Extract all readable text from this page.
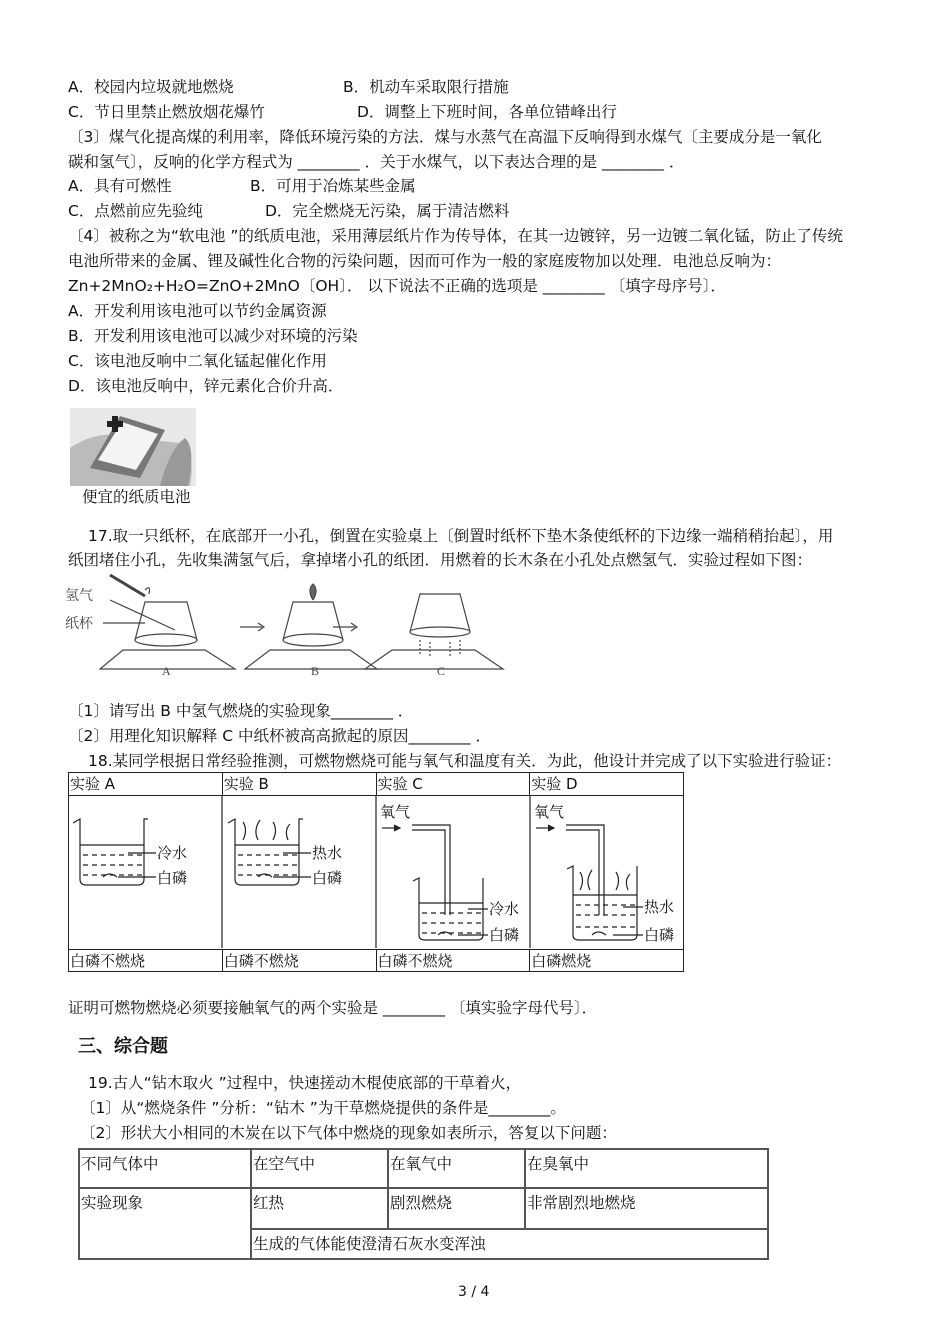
A．校园内垃圾就地燃烧	B．机动车采取限行措施
C．节日里禁止燃放烟花爆竹	D．调整上下班时间，各单位错峰出行
〔3〕煤气化提高煤的利用率，降低环境污染的方法．煤与水蒸气在高温下反响得到水煤气〔主要成分是一氧化
碳和氢气〕，反响的化学方程式为 ________ ．关于水煤气，以下表达合理的是 ________ ．
A．具有可燃性	B．可用于冶炼某些金属
C．点燃前应先验纯	D．完全燃烧无污染，属于清洁燃料
〔4〕被称之为“软电池 ”的纸质电池，采用薄层纸片作为传导体，在其一边镀锌，另一边镀二氧化锰，防止了传统
电池所带来的金属、锂及碱性化合物的污染问题，因而可作为一般的家庭废物加以处理．电池总反响为：
Zn+2MnO₂+H₂O=ZnO+2MnO〔OH〕． 以下说法不正确的选项是 ________ 〔填字母序号〕．
A．开发利用该电池可以节约金属资源
B．开发利用该电池可以减少对环境的污染
C．该电池反响中二氧化锰起催化作用
D．该电池反响中，锌元素化合价升高．
便宜的纸质电池
17.取一只纸杯，在底部开一小孔，倒置在实验桌上〔倒置时纸杯下垫木条使纸杯的下边缘一端稍稍抬起〕，用
纸团堵住小孔，先收集满氢气后，拿掉堵小孔的纸团．用燃着的长木条在小孔处点燃氢气．实验过程如下图：
氢气
纸杯
A	B	C
〔1〕请写出 B 中氢气燃烧的实验现象________ ．
〔2〕用理化知识解释 C 中纸杯被高高掀起的原因________ ．
18.某同学根据日常经验推测，可燃物燃烧可能与氧气和温度有关．为此，他设计并完成了以下实验进行验证：
实验 A	实验 B	实验 C	实验 D

白磷不燃烧	白磷不燃烧	白磷不燃烧	白磷燃烧
冷水
白磷
热水
白磷
氧气
冷水
白磷
氧气
热水
白磷
证明可燃物燃烧必须要接触氧气的两个实验是 ________ 〔填实验字母代号〕．
三、综合题
19.古人“钻木取火 ”过程中，快速搓动木棍使底部的干草着火，
〔1〕从“燃烧条件 ”分析：“钻木 ”为干草燃烧提供的条件是________。
〔2〕形状大小相同的木炭在以下气体中燃烧的现象如表所示，答复以下问题：
不同气体中	在空气中	在氧气中	在臭氧中
实验现象	红热	剧烈燃烧	非常剧烈地燃烧
	生成的气体能使澄清石灰水变浑浊		
3 / 4
